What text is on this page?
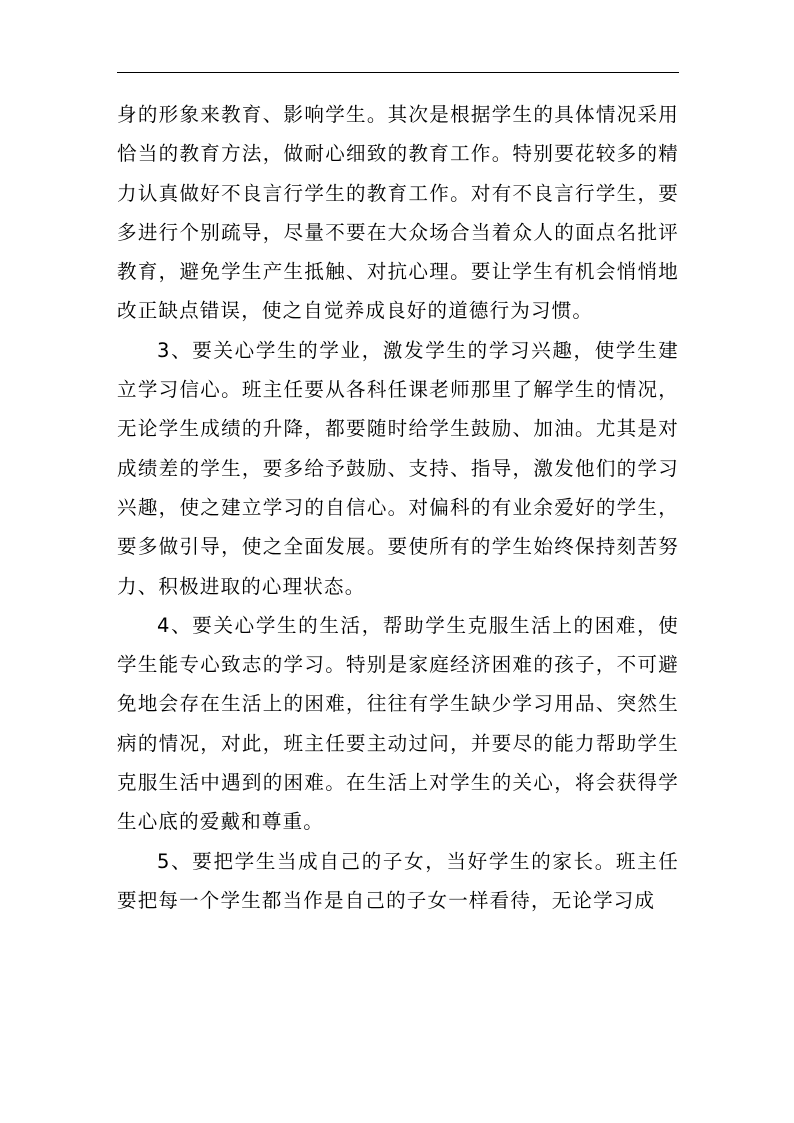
身的形象来教育、影响学生。其次是根据学生的具体情况采用恰当的教育方法，做耐心细致的教育工作。特别要花较多的精力认真做好不良言行学生的教育工作。对有不良言行学生，要多进行个别疏导，尽量不要在大众场合当着众人的面点名批评教育，避免学生产生抵触、对抗心理。要让学生有机会悄悄地改正缺点错误，使之自觉养成良好的道德行为习惯。

3、要关心学生的学业，激发学生的学习兴趣，使学生建立学习信心。班主任要从各科任课老师那里了解学生的情况，无论学生成绩的升降，都要随时给学生鼓励、加油。尤其是对成绩差的学生，要多给予鼓励、支持、指导，激发他们的学习兴趣，使之建立学习的自信心。对偏科的有业余爱好的学生，要多做引导，使之全面发展。要使所有的学生始终保持刻苦努力、积极进取的心理状态。

4、要关心学生的生活，帮助学生克服生活上的困难，使学生能专心致志的学习。特别是家庭经济困难的孩子，不可避免地会存在生活上的困难，往往有学生缺少学习用品、突然生病的情况，对此，班主任要主动过问，并要尽的能力帮助学生克服生活中遇到的困难。在生活上对学生的关心，将会获得学生心底的爱戴和尊重。

5、要把学生当成自己的子女，当好学生的家长。班主任要把每一个学生都当作是自己的子女一样看待，无论学习成
